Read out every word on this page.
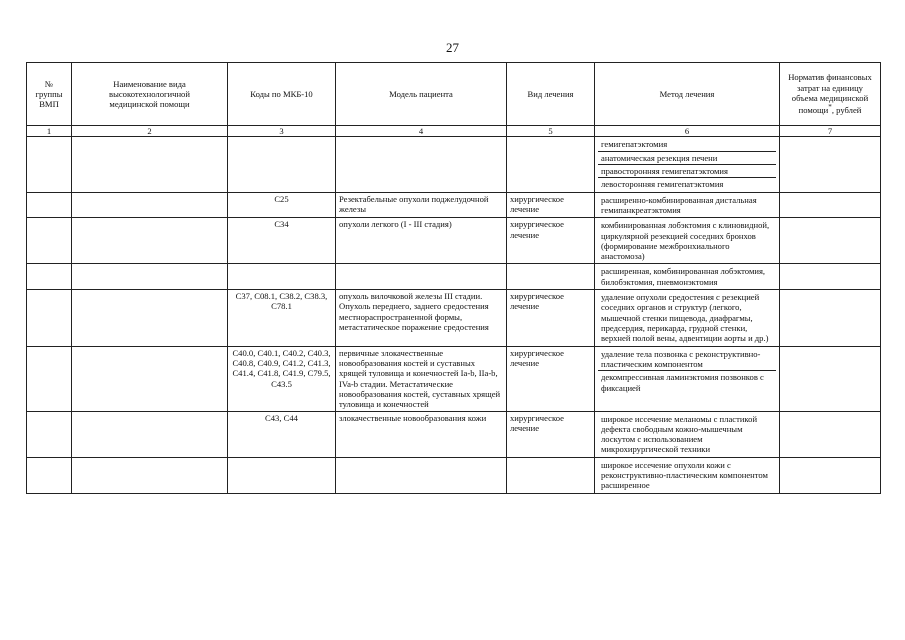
27
№
группы
ВМП	Наименование вида
высокотехнологичной
медицинской помощи	Коды по МКБ-10	Модель пациента	Вид лечения	Метод лечения	Норматив финансовых затрат на единицу объема медицинской помощи*, рублей
1	2	3	4	5	6	7

					гемигепатэктомия
анатомическая резекция печени
правосторонняя гемигепатэктомия
левосторонняя гемигепатэктомия	

		C25	Резектабельные опухоли поджелудочной железы	хирургическое лечение	расширенно-комбинированная дистальная гемипанкреатэктомия	

		C34	опухоли легкого (I - III стадия)	хирургическое лечение	комбинированная лобэктомия с клиновидной, циркулярной резекцией соседних бронхов (формирование межбронхиального анастомоза)	

					расширенная, комбинированная лобэктомия, билобэктомия, пневмонэктомия	

		C37, C08.1, C38.2, C38.3, C78.1	опухоль вилочковой железы III стадии. Опухоль переднего, заднего средостения местнораспространенной формы, метастатическое поражение средостения	хирургическое лечение	удаление опухоли средостения с резекцией соседних органов и структур (легкого, мышечной стенки пищевода, диафрагмы, предсердия, перикарда, грудной стенки, верхней полой вены, адвентиции аорты и др.)	

		C40.0, C40.1, C40.2, C40.3, C40.8, C40.9, C41.2, C41.3, C41.4, C41.8, C41.9, C79.5, C43.5	первичные злокачественные новообразования костей и суставных хрящей туловища и конечностей Ia-b, IIa-b, IVa-b стадии. Метастатические новообразования костей, суставных хрящей туловища и конечностей	хирургическое лечение	удаление тела позвонка с реконструктивно-пластическим компонентом
декомпрессивная ламинэктомия позвонков с фиксацией	

		C43, C44	злокачественные новообразования кожи	хирургическое лечение	широкое иссечение меланомы с пластикой дефекта свободным кожно-мышечным лоскутом с использованием микрохирургической техники	

					широкое иссечение опухоли кожи с реконструктивно-пластическим компонентом расширенное	
